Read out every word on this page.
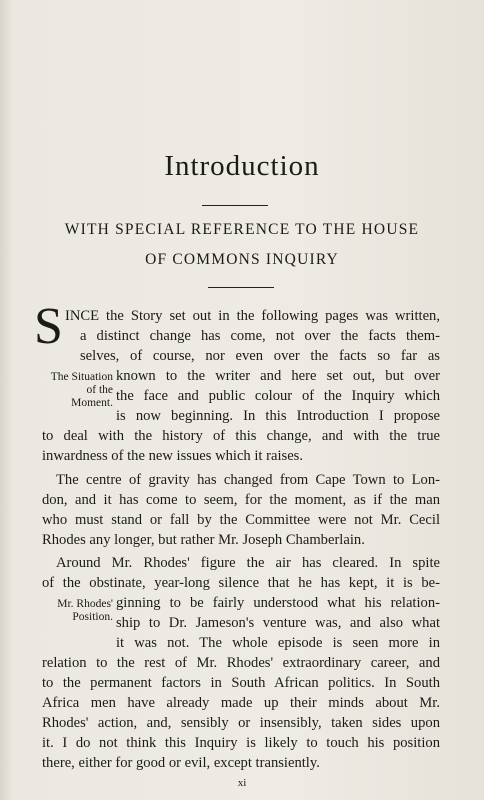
Introduction
WITH SPECIAL REFERENCE TO THE HOUSE
OF COMMONS INQUIRY
S INCE the Story set out in the following pages was written,
a distinct change has come, not over the facts them-
selves, of course, nor even over the facts so far as
known to the writer and here set out, but over
the face and public colour of the Inquiry which
is now beginning. In this Introduction I propose
to deal with the history of this change, and with the true
inwardness of the new issues which it raises.
The Situation
of the
Moment.
The centre of gravity has changed from Cape Town to Lon-
don, and it has come to seem, for the moment, as if the man
who must stand or fall by the Committee were not Mr. Cecil
Rhodes any longer, but rather Mr. Joseph Chamberlain.
Around Mr. Rhodes' figure the air has cleared. In spite
of the obstinate, year-long silence that he has kept, it is be-
ginning to be fairly understood what his relation-
ship to Dr. Jameson's venture was, and also what
it was not. The whole episode is seen more in
relation to the rest of Mr. Rhodes' extraordinary career, and
to the permanent factors in South African politics. In South
Africa men have already made up their minds about Mr.
Rhodes' action, and, sensibly or insensibly, taken sides upon
it. I do not think this Inquiry is likely to touch his position
there, either for good or evil, except transiently.
Mr. Rhodes'
Position.
xi
